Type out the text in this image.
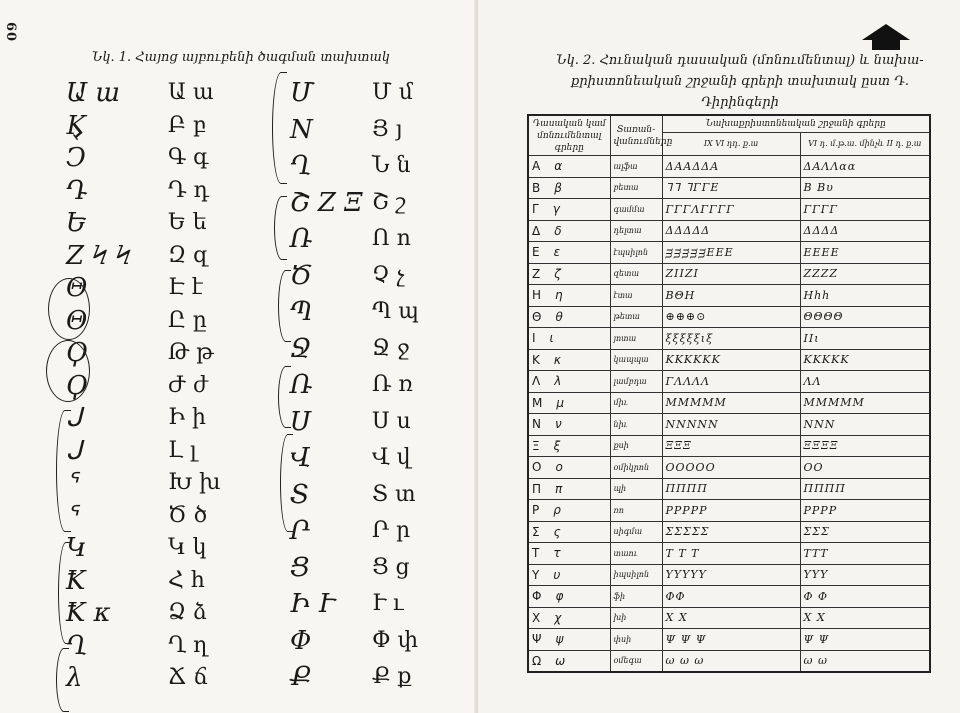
60
Նկ. 1. Հայոց այբուբենի ծագման տախտակ
Ա ա
Ϗ
Ͻ
Դ
Ե
Ζ Ϟ Ϟ
Θ
Θ
Ϙ
Ϙ
ᒍ
ᒍ
ᕐ
ᕐ
Կ
Ꝁ
Ꝁ ᴋ
Ղ
λ
Ա ա
Բ բ
Գ գ
Դ դ
Ե ե
Զ զ
Է է
Ը ը
Թ թ
Ժ ժ
Ի ի
Լ լ
Խ խ
Ծ ծ
Կ կ
Հ հ
Ձ ձ
Ղ ղ
Ճ ճ
Մ
Ν
Ղ
Շ Ζ Ξ
Ռ
Ծ
Պ
Ջ
Ռ
Ս
Վ
Տ
Ր
Ց
Ի Ւ
Φ
Ք
Մ մ
Յ յ
Ն ն
Շ շ
Ո ո
Չ չ
Պ պ
Ջ ջ
Ռ ռ
Ս ս
Վ վ
Տ տ
Ր ր
Ց ց
Ւ ւ
Փ փ
Ք ք
Նկ. 2. Հունական դասական (մոնումենտալ) և նախա-քրիստոնեական շրջանի գրերի տախտակ ըստ Դ. Դիրինգերի
Դասական կամ մոնումենտալ գրերը	Տառան-վանումները	Նախաքրիստոնեական շրջանի գրերը	
		IX VI դդ. ք.ա	VI դ. մ.թ.ա. մինչև II դ. ք.ա
Α α	ալֆա	ΔΑΑΔΔΑ	ΔΑΛΛαα
Β β	բետա	ᒣᒣ ᒣΓΓΕ	Β Βυ
Γ γ	գամմա	ΓΓΓΛΓΓΓΓ	ΓΓΓΓ
Δ δ	դելտա	ΔΔΔΔΔ	ΔΔΔΔ
Ε ε	էպսիլոն	ᴟᴟᴟᴟᴟΕΕΕ	ΕΕΕΕ
Ζ ζ	զետա	ΖΙΙΖΙ	ΖΖΖΖ
Η η	էտա	ΒΘΗ	Ηhh
Θ θ	թետա	⊕⊕⊕⊙	ΘΘΘΘ
Ι ι	յոտա	ξξξξξιξ	ΙΙι
Κ κ	կապպա	ΚΚΚΚΚΚ	ΚΚΚΚΚ
Λ λ	լամբդա	ΓΛΛΛΛ	ΛΛ
Μ μ	միւ	ΜΜΜΜΜ	ΜΜΜΜΜ
Ν ν	նիւ	ΝΝΝΝΝ	ΝΝΝ
Ξ ξ	քսի	ΞΞΞ	ΞΞΞΞ
Ο ο	օմիկրոն	ΟΟΟΟΟ	ΟΟ
Π π	պի	ΠΠΠΠ	ΠΠΠΠ
Ρ ρ	ռո	ΡΡΡΡΡ	ΡΡΡΡ
Σ ς	սիգմա	ΣΣΣΣΣ	ΣΣΣ
Τ τ	տաու	Τ Τ Τ	ΤΤΤ
Υ υ	իպսիլոն	ΥΥΥΥΥ	ΥΥΥ
Φ φ	ֆի	ΦΦ	Φ Φ
Χ χ	խի	Χ Χ	Χ Χ
Ψ ψ	փսի	Ψ Ψ Ψ	Ψ Ψ
Ω ω	օմեգա	ω ω ω	ω ω
